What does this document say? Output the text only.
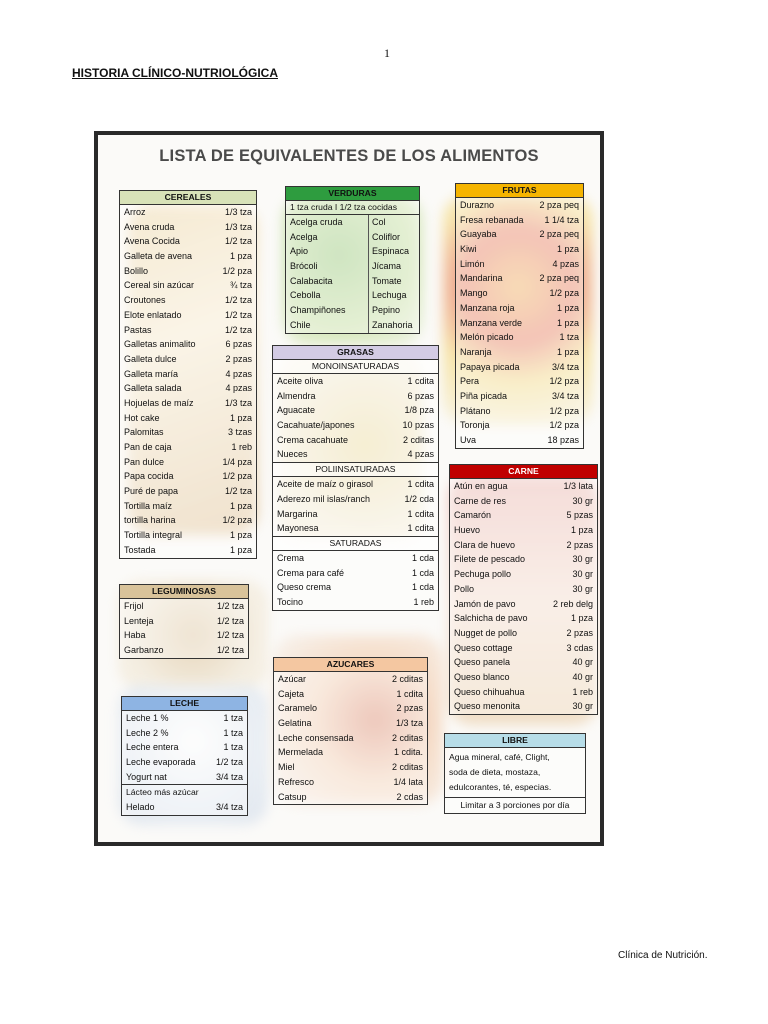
1
HISTORIA CLÍNICO-NUTRIOLÓGICA
LISTA DE EQUIVALENTES DE LOS ALIMENTOS
CEREALES
Arroz	1/3 tza
Avena cruda	1/3 tza
Avena Cocida	1/2 tza
Galleta de avena	1 pza
Bolillo	1/2 pza
Cereal sin azúcar	¾ tza
Croutones	1/2 tza
Elote enlatado	1/2 tza
Pastas	1/2 tza
Galletas animalito	6 pzas
Galleta dulce	2 pzas
Galleta maría	4 pzas
Galleta salada	4 pzas
Hojuelas de maíz	1/3 tza
Hot cake	1 pza
Palomitas	3 tzas
Pan de caja	1 reb
Pan dulce	1/4 pza
Papa cocida	1/2 pza
Puré de papa	1/2 tza
Tortilla maíz	1 pza
tortilla harina	1/2 pza
Tortilla integral	1 pza
Tostada	1 pza
VERDURAS
1 tza cruda I 1/2 tza cocidas
Acelga cruda	Col
Acelga	Coliflor
Apio	Espinaca
Brócoli	Jícama
Calabacita	Tomate
Cebolla	Lechuga
Champiñones	Pepino
Chile	Zanahoria
FRUTAS
Durazno	2 pza peq
Fresa rebanada	1 1/4 tza
Guayaba	2 pza peq
Kiwi	1 pza
Limón	4 pzas
Mandarina	2 pza peq
Mango	1/2 pza
Manzana roja	1 pza
Manzana verde	1 pza
Melón picado	1 tza
Naranja	1 pza
Papaya picada	3/4 tza
Pera	1/2 pza
Piña picada	3/4 tza
Plátano	1/2 pza
Toronja	1/2 pza
Uva	18 pzas
GRASAS
MONOINSATURADAS
Aceite oliva	1 cdita
Almendra	6 pzas
Aguacate	1/8 pza
Cacahuate/japones	10 pzas
Crema cacahuate	2 cditas
Nueces	4 pzas
POLIINSATURADAS
Aceite de maíz o girasol	1 cdita
Aderezo mil islas/ranch	1/2 cda
Margarina	1 cdita
Mayonesa	1 cdita
SATURADAS
Crema	1 cda
Crema para café	1 cda
Queso crema	1 cda
Tocino	1 reb
CARNE
Atún en agua	1/3 lata
Carne de res	30 gr
Camarón	5 pzas
Huevo	1 pza
Clara de huevo	2 pzas
Filete de pescado	30 gr
Pechuga pollo	30 gr
Pollo	30 gr
Jamón de pavo	2 reb delg
Salchicha de pavo	1 pza
Nugget de pollo	2 pzas
Queso cottage	3 cdas
Queso panela	40 gr
Queso blanco	40 gr
Queso chihuahua	1 reb
Queso menonita	30 gr
LEGUMINOSAS
Frijol	1/2 tza
Lenteja	1/2 tza
Haba	1/2 tza
Garbanzo	1/2 tza
AZUCARES
Azúcar	2 cditas
Cajeta	1 cdita
Caramelo	2 pzas
Gelatina	1/3 tza
Leche consensada	2 cditas
Mermelada	1 cdita.
Miel	2 cditas
Refresco	1/4 lata
Catsup	2 cdas
LECHE
Leche 1 %	1 tza
Leche 2 %	1 tza
Leche entera	1 tza
Leche evaporada	1/2 tza
Yogurt nat	3/4 tza
Lácteo más azúcar
Helado	3/4 tza
LIBRE
Agua mineral, café, Clight,
soda de dieta, mostaza,
edulcorantes, té, especias.
Limitar a 3 porciones por día
Clínica de Nutrición.
